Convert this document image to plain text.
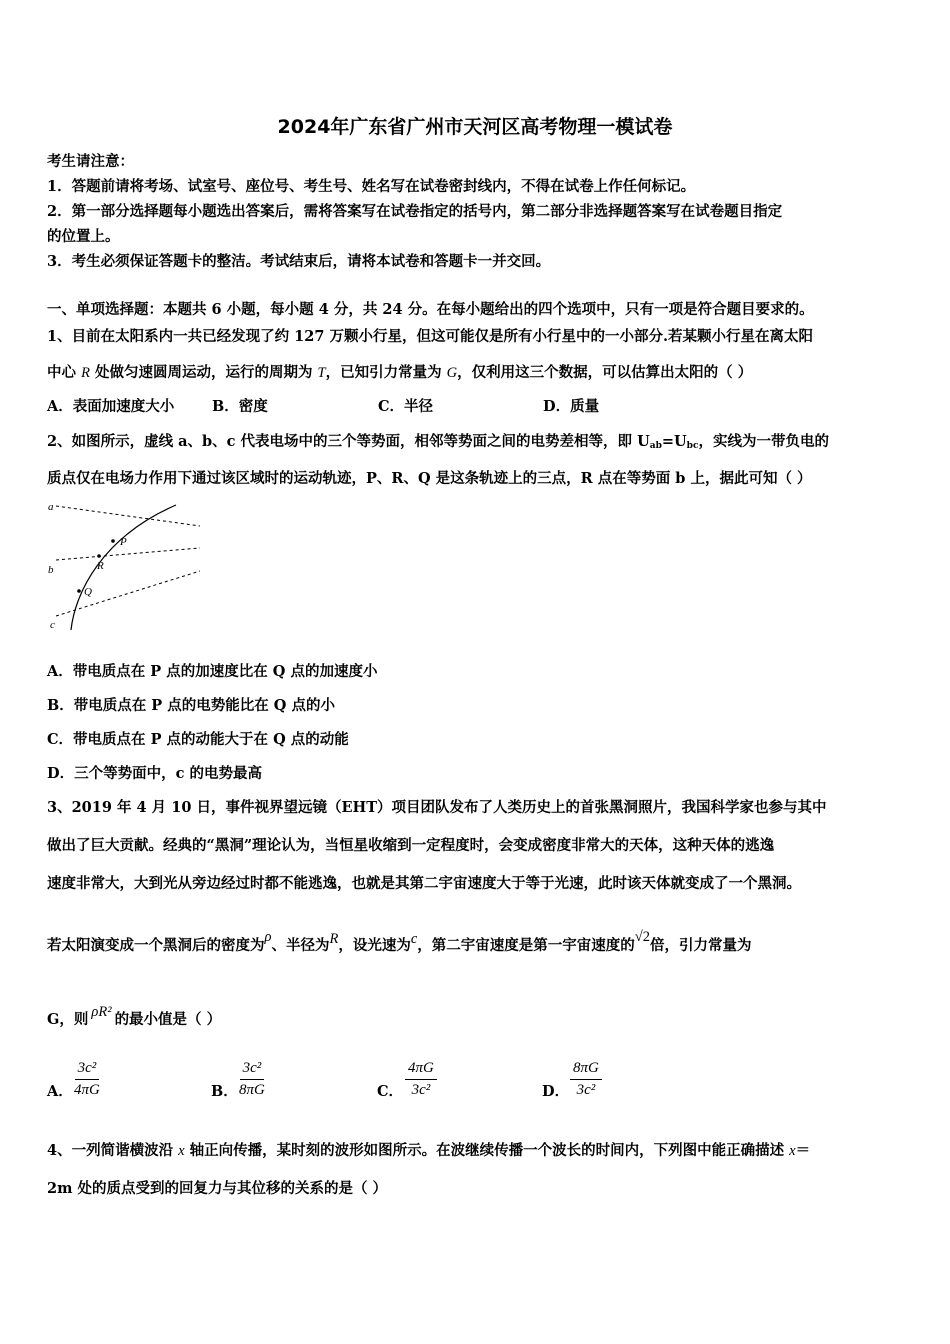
2024年广东省广州市天河区高考物理一模试卷
考生请注意：
1．答题前请将考场、试室号、座位号、考生号、姓名写在试卷密封线内，不得在试卷上作任何标记。
2．第一部分选择题每小题选出答案后，需将答案写在试卷指定的括号内，第二部分非选择题答案写在试卷题目指定
的位置上。
3．考生必须保证答题卡的整洁。考试结束后，请将本试卷和答题卡一并交回。
一、单项选择题：本题共 6 小题，每小题 4 分，共 24 分。在每小题给出的四个选项中，只有一项是符合题目要求的。
1、目前在太阳系内一共已经发现了约 127 万颗小行星，但这可能仅是所有小行星中的一小部分.若某颗小行星在离太阳
中心 R 处做匀速圆周运动，运行的周期为 T，已知引力常量为 G，仅利用这三个数据，可以估算出太阳的（ ）
A．表面加速度大小	B．密度	C．半径	D．质量
2、如图所示，虚线 a、b、c 代表电场中的三个等势面，相邻等势面之间的电势差相等，即 $U_{ab}=U_{bc}$，实线为一带负电的
质点仅在电场力作用下通过该区域时的运动轨迹，P、R、Q 是这条轨迹上的三点，R 点在等势面 b 上，据此可知（ ）
a
b
c
P
R
Q
A．带电质点在 P 点的加速度比在 Q 点的加速度小
B．带电质点在 P 点的电势能比在 Q 点的小
C．带电质点在 P 点的动能大于在 Q 点的动能
D．三个等势面中，c 的电势最高
3、2019 年 4 月 10 日，事件视界望远镜（EHT）项目团队发布了人类历史上的首张黑洞照片，我国科学家也参与其中
做出了巨大贡献。经典的“黑洞”理论认为，当恒星收缩到一定程度时，会变成密度非常大的天体，这种天体的逃逸
速度非常大，大到光从旁边经过时都不能逃逸，也就是其第二宇宙速度大于等于光速，此时该天体就变成了一个黑洞。
若太阳演变成一个黑洞后的密度为ρ、半径为R，设光速为c，第二宇宙速度是第一宇宙速度的√2倍，引力常量为
G，则 ρR² 的最小值是（ ）
A． $\frac{\text{3c²}}{4\pi G}$	B． $\frac{\text{3c²}}{8\pi G}$	C． $\frac{4\pi G}{\text{3c²}}$	D． $\frac{8\pi G}{\text{3c²}}$
4、一列简谐横波沿 x 轴正向传播，某时刻的波形如图所示。在波继续传播一个波长的时间内，下列图中能正确描述 x＝
2m 处的质点受到的回复力与其位移的关系的是（ ）
